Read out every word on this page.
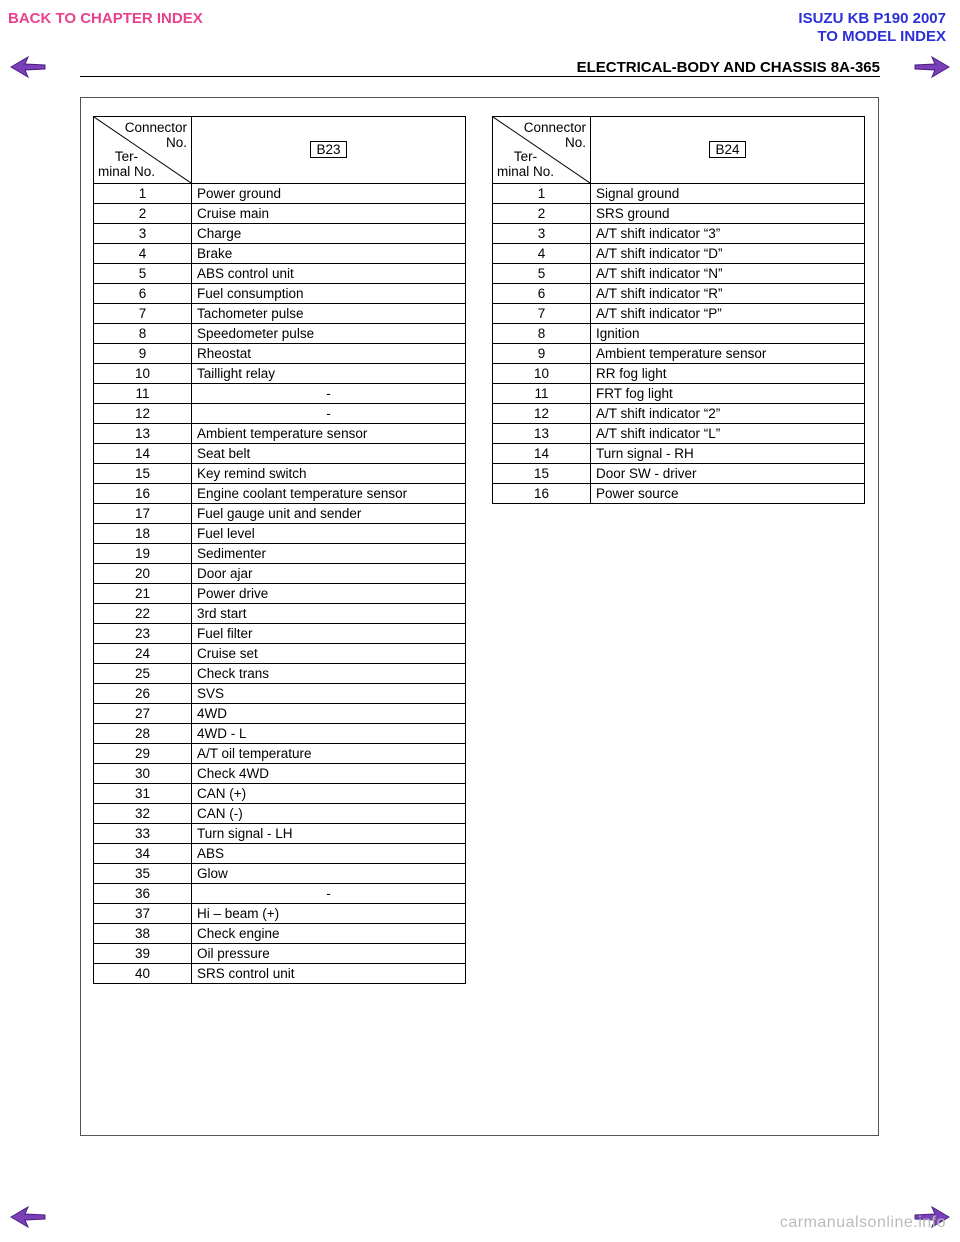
BACK TO CHAPTER INDEX	ISUZU KB P190 2007
TO MODEL INDEX
ELECTRICAL-BODY AND CHASSIS 8A-365
Connector
No.
Ter-
minal No.	B23
1	Power ground
2	Cruise main
3	Charge
4	Brake
5	ABS control unit
6	Fuel consumption
7	Tachometer pulse
8	Speedometer pulse
9	Rheostat
10	Taillight relay
11	-
12	-
13	Ambient temperature sensor
14	Seat belt
15	Key remind switch
16	Engine coolant temperature sensor
17	Fuel gauge unit and sender
18	Fuel level
19	Sedimenter
20	Door ajar
21	Power drive
22	3rd start
23	Fuel filter
24	Cruise set
25	Check trans
26	SVS
27	4WD
28	4WD - L
29	A/T oil temperature
30	Check 4WD
31	CAN (+)
32	CAN (-)
33	Turn signal - LH
34	ABS
35	Glow
36	-
37	Hi – beam (+)
38	Check engine
39	Oil pressure
40	SRS control unit
Connector
No.
Ter-
minal No.	B24
1	Signal ground
2	SRS ground
3	A/T shift indicator “3”
4	A/T shift indicator “D”
5	A/T shift indicator “N”
6	A/T shift indicator “R”
7	A/T shift indicator “P”
8	Ignition
9	Ambient temperature sensor
10	RR fog light
11	FRT fog light
12	A/T shift indicator “2”
13	A/T shift indicator “L”
14	Turn signal - RH
15	Door SW - driver
16	Power source
carmanualsonline.info
